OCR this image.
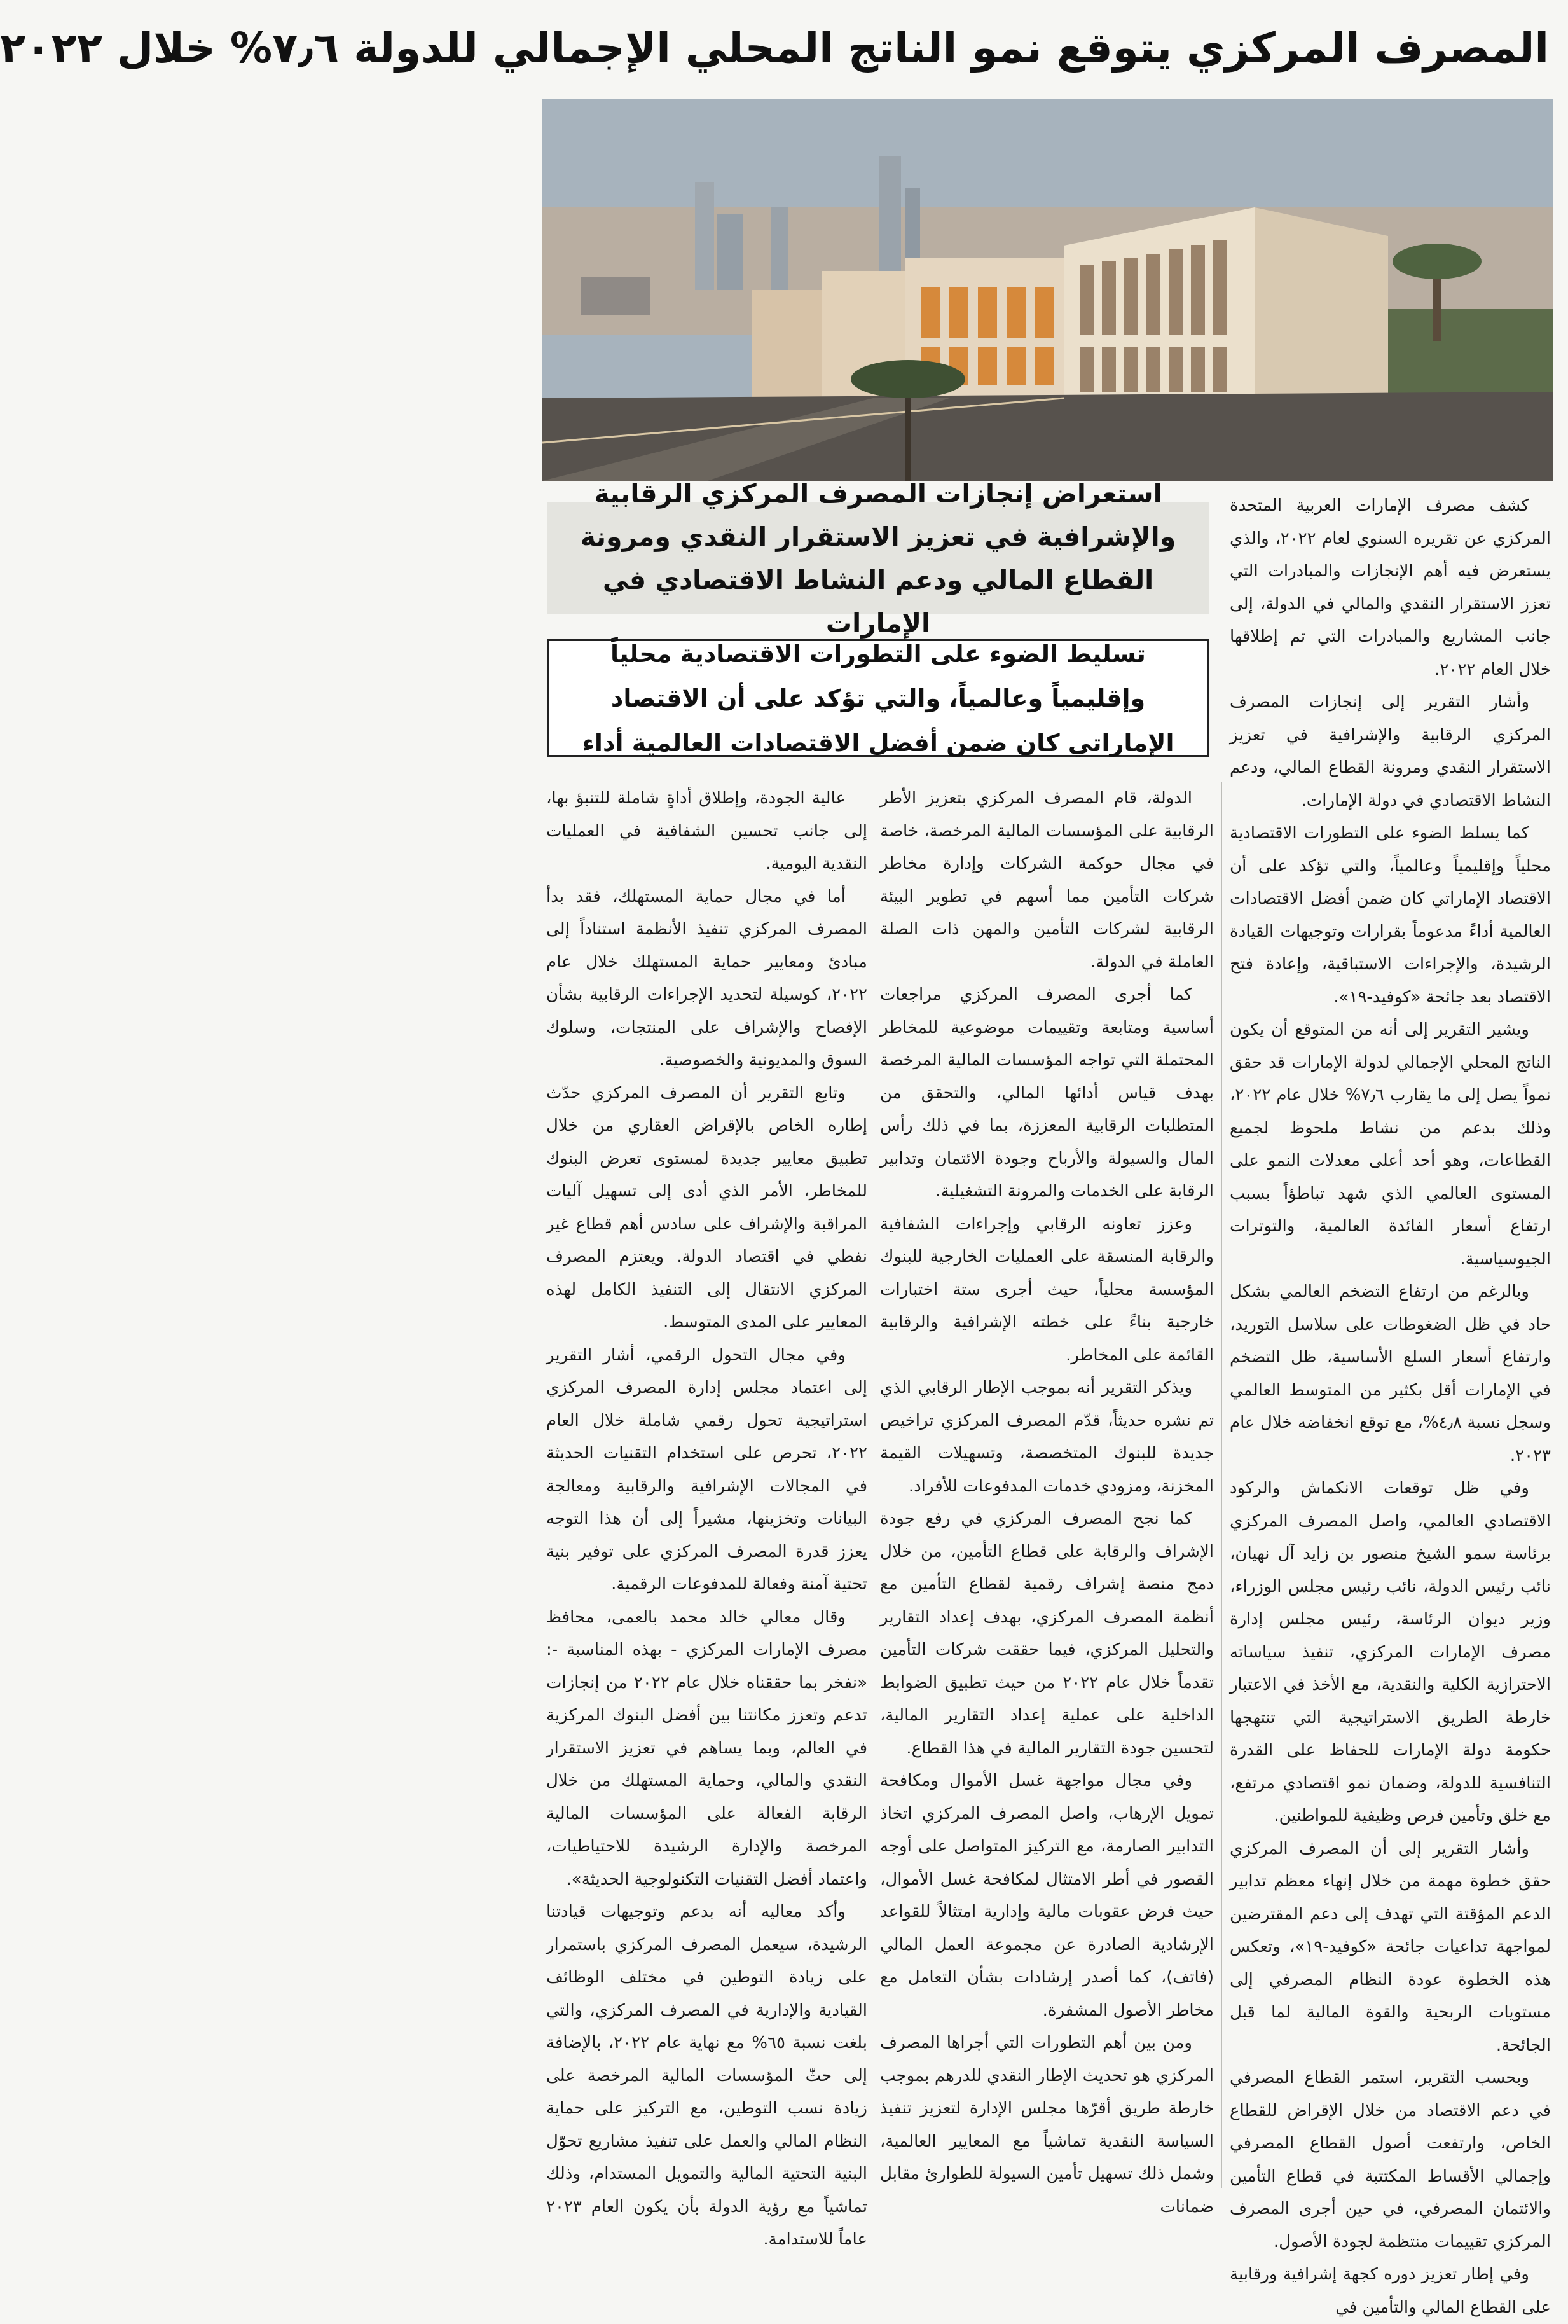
المصرف المركزي يتوقع نمو الناتج المحلي الإجمالي للدولة ٧٫٦% خلال ٢٠٢٢

كشف مصرف الإمارات العربية المتحدة المركزي عن تقريره السنوي لعام ٢٠٢٢، والذي يستعرض فيه أهم الإنجازات والمبادرات التي تعزز الاستقرار النقدي والمالي في الدولة، إلى جانب المشاريع والمبادرات التي تم إطلاقها خلال العام ٢٠٢٢.

وأشار التقرير إلى إنجازات المصرف المركزي الرقابية والإشرافية في تعزيز الاستقرار النقدي ومرونة القطاع المالي، ودعم النشاط الاقتصادي في دولة الإمارات.

كما يسلط الضوء على التطورات الاقتصادية محلياً وإقليمياً وعالمياً، والتي تؤكد على أن الاقتصاد الإماراتي كان ضمن أفضل الاقتصادات العالمية أداءً مدعوماً بقرارات وتوجيهات القيادة الرشيدة، والإجراءات الاستباقية، وإعادة فتح الاقتصاد بعد جائحة «كوفيد-١٩».

ويشير التقرير إلى أنه من المتوقع أن يكون الناتج المحلي الإجمالي لدولة الإمارات قد حقق نمواً يصل إلى ما يقارب ٧٫٦% خلال عام ٢٠٢٢، وذلك بدعم من نشاط ملحوظ لجميع القطاعات، وهو أحد أعلى معدلات النمو على المستوى العالمي الذي شهد تباطؤاً بسبب ارتفاع أسعار الفائدة العالمية، والتوترات الجيوسياسية.

وبالرغم من ارتفاع التضخم العالمي بشكل حاد في ظل الضغوطات على سلاسل التوريد، وارتفاع أسعار السلع الأساسية، ظل التضخم في الإمارات أقل بكثير من المتوسط العالمي وسجل نسبة ٤٫٨%، مع توقع انخفاضه خلال عام ٢٠٢٣.

وفي ظل توقعات الانكماش والركود الاقتصادي العالمي، واصل المصرف المركزي برئاسة سمو الشيخ منصور بن زايد آل نهيان، نائب رئيس الدولة، نائب رئيس مجلس الوزراء، وزير ديوان الرئاسة، رئيس مجلس إدارة مصرف الإمارات المركزي، تنفيذ سياساته الاحترازية الكلية والنقدية، مع الأخذ في الاعتبار خارطة الطريق الاستراتيجية التي تنتهجها حكومة دولة الإمارات للحفاظ على القدرة التنافسية للدولة، وضمان نمو اقتصادي مرتفع، مع خلق وتأمين فرص وظيفية للمواطنين.

وأشار التقرير إلى أن المصرف المركزي حقق خطوة مهمة من خلال إنهاء معظم تدابير الدعم المؤقتة التي تهدف إلى دعم المقترضين لمواجهة تداعيات جائحة «كوفيد-١٩»، وتعكس هذه الخطوة عودة النظام المصرفي إلى مستويات الربحية والقوة المالية لما قبل الجائحة.

وبحسب التقرير، استمر القطاع المصرفي في دعم الاقتصاد من خلال الإقراض للقطاع الخاص، وارتفعت أصول القطاع المصرفي وإجمالي الأقساط المكتتبة في قطاع التأمين والائتمان المصرفي، في حين أجرى المصرف المركزي تقييمات منتظمة لجودة الأصول.

وفي إطار تعزيز دوره كجهة إشرافية ورقابية على القطاع المالي والتأمين في

استعراض إنجازات المصرف المركزي الرقابية والإشرافية في تعزيز الاستقرار النقدي ومرونة القطاع المالي ودعم النشاط الاقتصادي في الإمارات
تسليط الضوء على التطورات الاقتصادية محلياً وإقليمياً وعالمياً، والتي تؤكد على أن الاقتصاد الإماراتي كان ضمن أفضل الاقتصادات العالمية أداء

الدولة، قام المصرف المركزي بتعزيز الأطر الرقابية على المؤسسات المالية المرخصة، خاصة في مجال حوكمة الشركات وإدارة مخاطر شركات التأمين مما أسهم في تطوير البيئة الرقابية لشركات التأمين والمهن ذات الصلة العاملة في الدولة.

كما أجرى المصرف المركزي مراجعات أساسية ومتابعة وتقييمات موضوعية للمخاطر المحتملة التي تواجه المؤسسات المالية المرخصة بهدف قياس أدائها المالي، والتحقق من المتطلبات الرقابية المعززة، بما في ذلك رأس المال والسيولة والأرباح وجودة الائتمان وتدابير الرقابة على الخدمات والمرونة التشغيلية.

وعزز تعاونه الرقابي وإجراءات الشفافية والرقابة المنسقة على العمليات الخارجية للبنوك المؤسسة محلياً، حيث أجرى ستة اختبارات خارجية بناءً على خطته الإشرافية والرقابية القائمة على المخاطر.

ويذكر التقرير أنه بموجب الإطار الرقابي الذي تم نشره حديثاً، قدّم المصرف المركزي تراخيص جديدة للبنوك المتخصصة، وتسهيلات القيمة المخزنة، ومزودي خدمات المدفوعات للأفراد.

كما نجح المصرف المركزي في رفع جودة الإشراف والرقابة على قطاع التأمين، من خلال دمج منصة إشراف رقمية لقطاع التأمين مع أنظمة المصرف المركزي، بهدف إعداد التقارير والتحليل المركزي، فيما حققت شركات التأمين تقدماً خلال عام ٢٠٢٢ من حيث تطبيق الضوابط الداخلية على عملية إعداد التقارير المالية، لتحسين جودة التقارير المالية في هذا القطاع.

وفي مجال مواجهة غسل الأموال ومكافحة تمويل الإرهاب، واصل المصرف المركزي اتخاذ التدابير الصارمة، مع التركيز المتواصل على أوجه القصور في أطر الامتثال لمكافحة غسل الأموال، حيث فرض عقوبات مالية وإدارية امتثالاً للقواعد الإرشادية الصادرة عن مجموعة العمل المالي (فاتف)، كما أصدر إرشادات بشأن التعامل مع مخاطر الأصول المشفرة.

ومن بين أهم التطورات التي أجراها المصرف المركزي هو تحديث الإطار النقدي للدرهم بموجب خارطة طريق أقرّها مجلس الإدارة لتعزيز تنفيذ السياسة النقدية تماشياً مع المعايير العالمية، وشمل ذلك تسهيل تأمين السيولة للطوارئ مقابل ضمانات

عالية الجودة، وإطلاق أداةٍ شاملة للتنبؤ بها، إلى جانب تحسين الشفافية في العمليات النقدية اليومية.

أما في مجال حماية المستهلك، فقد بدأ المصرف المركزي تنفيذ الأنظمة استناداً إلى مبادئ ومعايير حماية المستهلك خلال عام ٢٠٢٢، كوسيلة لتحديد الإجراءات الرقابية بشأن الإفصاح والإشراف على المنتجات، وسلوك السوق والمديونية والخصوصية.

وتابع التقرير أن المصرف المركزي حدّث إطاره الخاص بالإقراض العقاري من خلال تطبيق معايير جديدة لمستوى تعرض البنوك للمخاطر، الأمر الذي أدى إلى تسهيل آليات المراقبة والإشراف على سادس أهم قطاع غير نفطي في اقتصاد الدولة. ويعتزم المصرف المركزي الانتقال إلى التنفيذ الكامل لهذه المعايير على المدى المتوسط.

وفي مجال التحول الرقمي، أشار التقرير إلى اعتماد مجلس إدارة المصرف المركزي استراتيجية تحول رقمي شاملة خلال العام ٢٠٢٢، تحرص على استخدام التقنيات الحديثة في المجالات الإشرافية والرقابية ومعالجة البيانات وتخزينها، مشيراً إلى أن هذا التوجه يعزز قدرة المصرف المركزي على توفير بنية تحتية آمنة وفعالة للمدفوعات الرقمية.

وقال معالي خالد محمد بالعمى، محافظ مصرف الإمارات المركزي - بهذه المناسبة -: «نفخر بما حققناه خلال عام ٢٠٢٢ من إنجازات تدعم وتعزز مكانتنا بين أفضل البنوك المركزية في العالم، وبما يساهم في تعزيز الاستقرار النقدي والمالي، وحماية المستهلك من خلال الرقابة الفعالة على المؤسسات المالية المرخصة والإدارة الرشيدة للاحتياطيات، واعتماد أفضل التقنيات التكنولوجية الحديثة».

وأكد معاليه أنه بدعم وتوجيهات قيادتنا الرشيدة، سيعمل المصرف المركزي باستمرار على زيادة التوطين في مختلف الوظائف القيادية والإدارية في المصرف المركزي، والتي بلغت نسبة ٦٥% مع نهاية عام ٢٠٢٢، بالإضافة إلى حثّ المؤسسات المالية المرخصة على زيادة نسب التوطين، مع التركيز على حماية النظام المالي والعمل على تنفيذ مشاريع تحوّل البنية التحتية المالية والتمويل المستدام، وذلك تماشياً مع رؤية الدولة بأن يكون العام ٢٠٢٣ عاماً للاستدامة.
